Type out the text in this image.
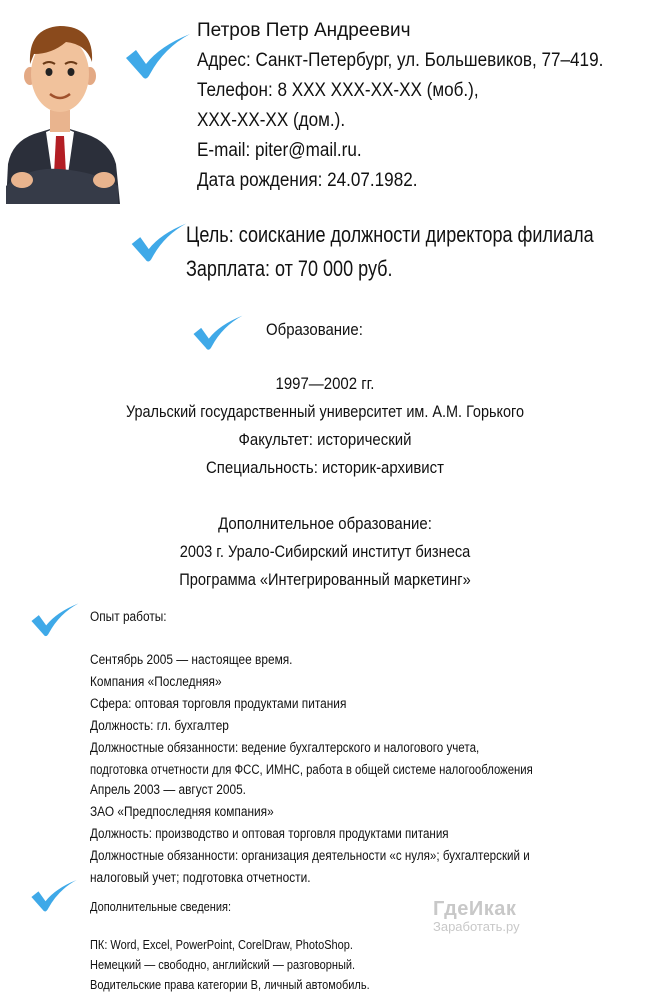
Петров Петр Андреевич
Адрес: Санкт-Петербург, ул. Большевиков, 77–419.
Телефон: 8 XXX XXX-XX-XX (моб.),
XXX-XX-XX (дом.).
E-mail: piter@mail.ru.
Дата рождения: 24.07.1982.
Цель: соискание должности директора филиала
Зарплата: от 70 000 руб.
Образование:
1997—2002 гг.
Уральский государственный университет им. А.М. Горького
Факультет: исторический
Специальность: историк-архивист
Дополнительное образование:
2003 г. Урало-Сибирский институт бизнеса
Программа «Интегрированный маркетинг»
Опыт работы:
Сентябрь 2005 — настоящее время.
Компания «Последняя»
Сфера: оптовая торговля продуктами питания
Должность: гл. бухгалтер
Должностные обязанности: ведение бухгалтерского и налогового учета,
подготовка отчетности для ФСС, ИМНС, работа в общей системе налогообложения
Апрель 2003 — август 2005.
ЗАО «Предпоследняя компания»
Должность: производство и оптовая торговля продуктами питания
Должностные обязанности: организация деятельности «с нуля»; бухгалтерский и
налоговый учет; подготовка отчетности.
Дополнительные сведения:
ПК: Word, Excel, PowerPoint, CorelDraw, PhotoShop.
Немецкий — свободно, английский — разговорный.
Водительские права категории B, личный автомобиль.
ГдеИкак
Заработать.ру
